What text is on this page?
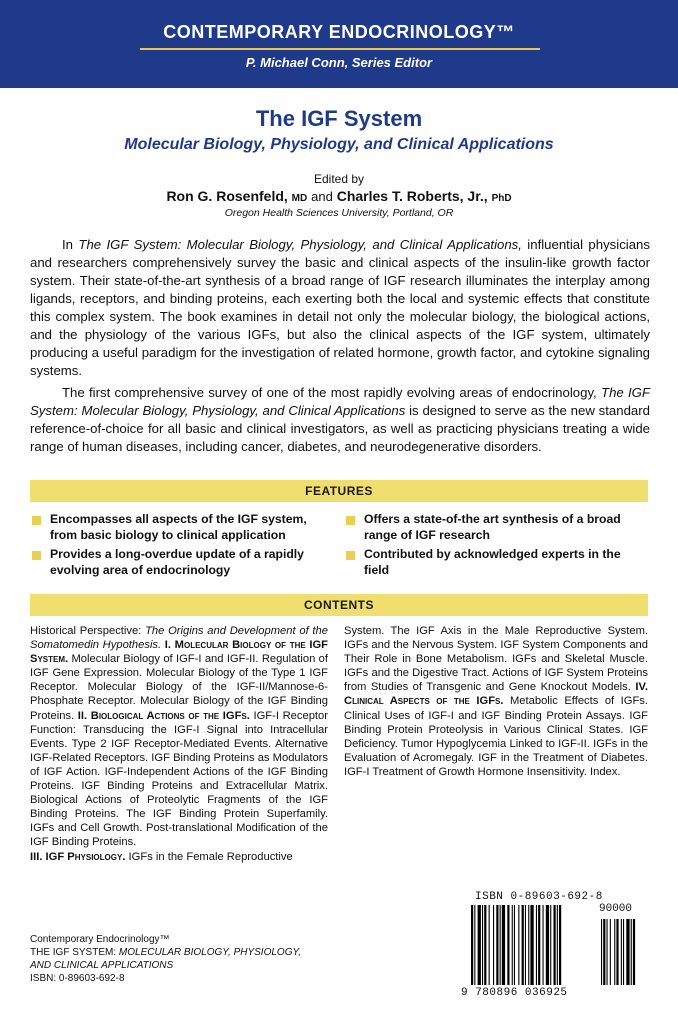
CONTEMPORARY ENDOCRINOLOGY™
P. Michael Conn, Series Editor
The IGF System
Molecular Biology, Physiology, and Clinical Applications
Edited by
Ron G. Rosenfeld, MD and Charles T. Roberts, Jr., PhD
Oregon Health Sciences University, Portland, OR

In The IGF System: Molecular Biology, Physiology, and Clinical Applications, influential physicians and researchers comprehensively survey the basic and clinical aspects of the insulin-like growth factor system. Their state-of-the-art synthesis of a broad range of IGF research illuminates the interplay among ligands, receptors, and binding proteins, each exerting both the local and systemic effects that constitute this complex system. The book examines in detail not only the molecular biology, the biological actions, and the physiology of the various IGFs, but also the clinical aspects of the IGF system, ultimately producing a useful paradigm for the investigation of related hormone, growth factor, and cytokine signaling systems.

The first comprehensive survey of one of the most rapidly evolving areas of endocrinology, The IGF System: Molecular Biology, Physiology, and Clinical Applications is designed to serve as the new standard reference-of-choice for all basic and clinical investigators, as well as practicing physicians treating a wide range of human diseases, including cancer, diabetes, and neurodegenerative disorders.

FEATURES
Encompasses all aspects of the IGF system, from basic biology to clinical application
Provides a long-overdue update of a rapidly evolving area of endocrinology
Offers a state-of-the art synthesis of a broad range of IGF research
Contributed by acknowledged experts in the field
CONTENTS
Historical Perspective: The Origins and Development of the Somatomedin Hypothesis. I. Molecular Biology of the IGF System. Molecular Biology of IGF-I and IGF-II. Regulation of IGF Gene Expression. Molecular Biology of the Type 1 IGF Receptor. Molecular Biology of the IGF-II/Mannose-6-Phosphate Receptor. Molecular Biology of the IGF Binding Proteins. II. Biological Actions of the IGFs. IGF-I Receptor Function: Transducing the IGF-I Signal into Intracellular Events. Type 2 IGF Receptor-Mediated Events. Alternative IGF-Related Receptors. IGF Binding Proteins as Modulators of IGF Action. IGF-Independent Actions of the IGF Binding Proteins. IGF Binding Proteins and Extracellular Matrix. Biological Actions of Proteolytic Fragments of the IGF Binding Proteins. The IGF Binding Protein Superfamily. IGFs and Cell Growth. Post-translational Modification of the IGF Binding Proteins.
III. IGF Physiology. IGFs in the Female Reproductive
System. The IGF Axis in the Male Reproductive System. IGFs and the Nervous System. IGF System Components and Their Role in Bone Metabolism. IGFs and Skeletal Muscle. IGFs and the Digestive Tract. Actions of IGF System Proteins from Studies of Transgenic and Gene Knockout Models. IV. Clinical Aspects of the IGFs. Metabolic Effects of IGFs. Clinical Uses of IGF-I and IGF Binding Protein Assays. IGF Binding Protein Proteolysis in Various Clinical States. IGF Deficiency. Tumor Hypoglycemia Linked to IGF-II. IGFs in the Evaluation of Acromegaly. IGF in the Treatment of Diabetes. IGF-I Treatment of Growth Hormone Insensitivity. Index.
Contemporary Endocrinology™
THE IGF SYSTEM: MOLECULAR BIOLOGY, PHYSIOLOGY,
AND CLINICAL APPLICATIONS
ISBN: 0-89603-692-8
ISBN 0-89603-692-8
90000
9 780896 036925
